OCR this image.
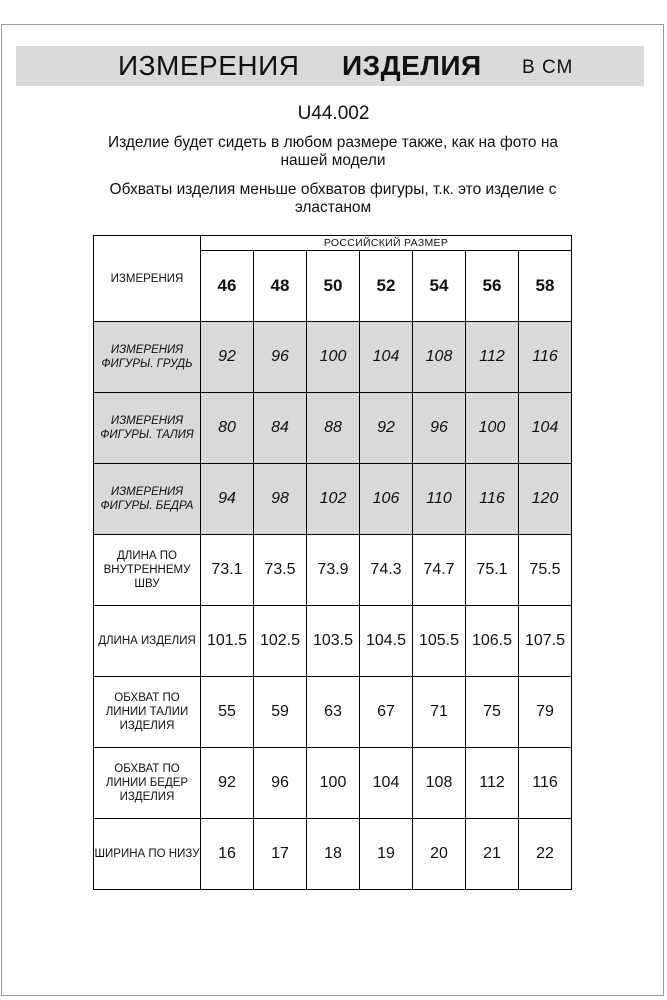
ИЗМЕРЕНИЯ ИЗДЕЛИЯ В СМ
U44.002
Изделие будет сидеть в любом размере также, как на фото на нашей модели
Обхваты изделия меньше обхватов фигуры, т.к. это изделие с эластаном
ИЗМЕРЕНИЯ	РОССИЙСКИЙ РАЗМЕР						
	46	48	50	52	54	56	58
ИЗМЕРЕНИЯ ФИГУРЫ. ГРУДЬ	92	96	100	104	108	112	116
ИЗМЕРЕНИЯ ФИГУРЫ. ТАЛИЯ	80	84	88	92	96	100	104
ИЗМЕРЕНИЯ ФИГУРЫ. БЕДРА	94	98	102	106	110	116	120
ДЛИНА ПО ВНУТРЕННЕМУ ШВУ	73.1	73.5	73.9	74.3	74.7	75.1	75.5
ДЛИНА ИЗДЕЛИЯ	101.5	102.5	103.5	104.5	105.5	106.5	107.5
ОБХВАТ ПО ЛИНИИ ТАЛИИ ИЗДЕЛИЯ	55	59	63	67	71	75	79
ОБХВАТ ПО ЛИНИИ БЕДЕР ИЗДЕЛИЯ	92	96	100	104	108	112	116
ШИРИНА ПО НИЗУ	16	17	18	19	20	21	22
